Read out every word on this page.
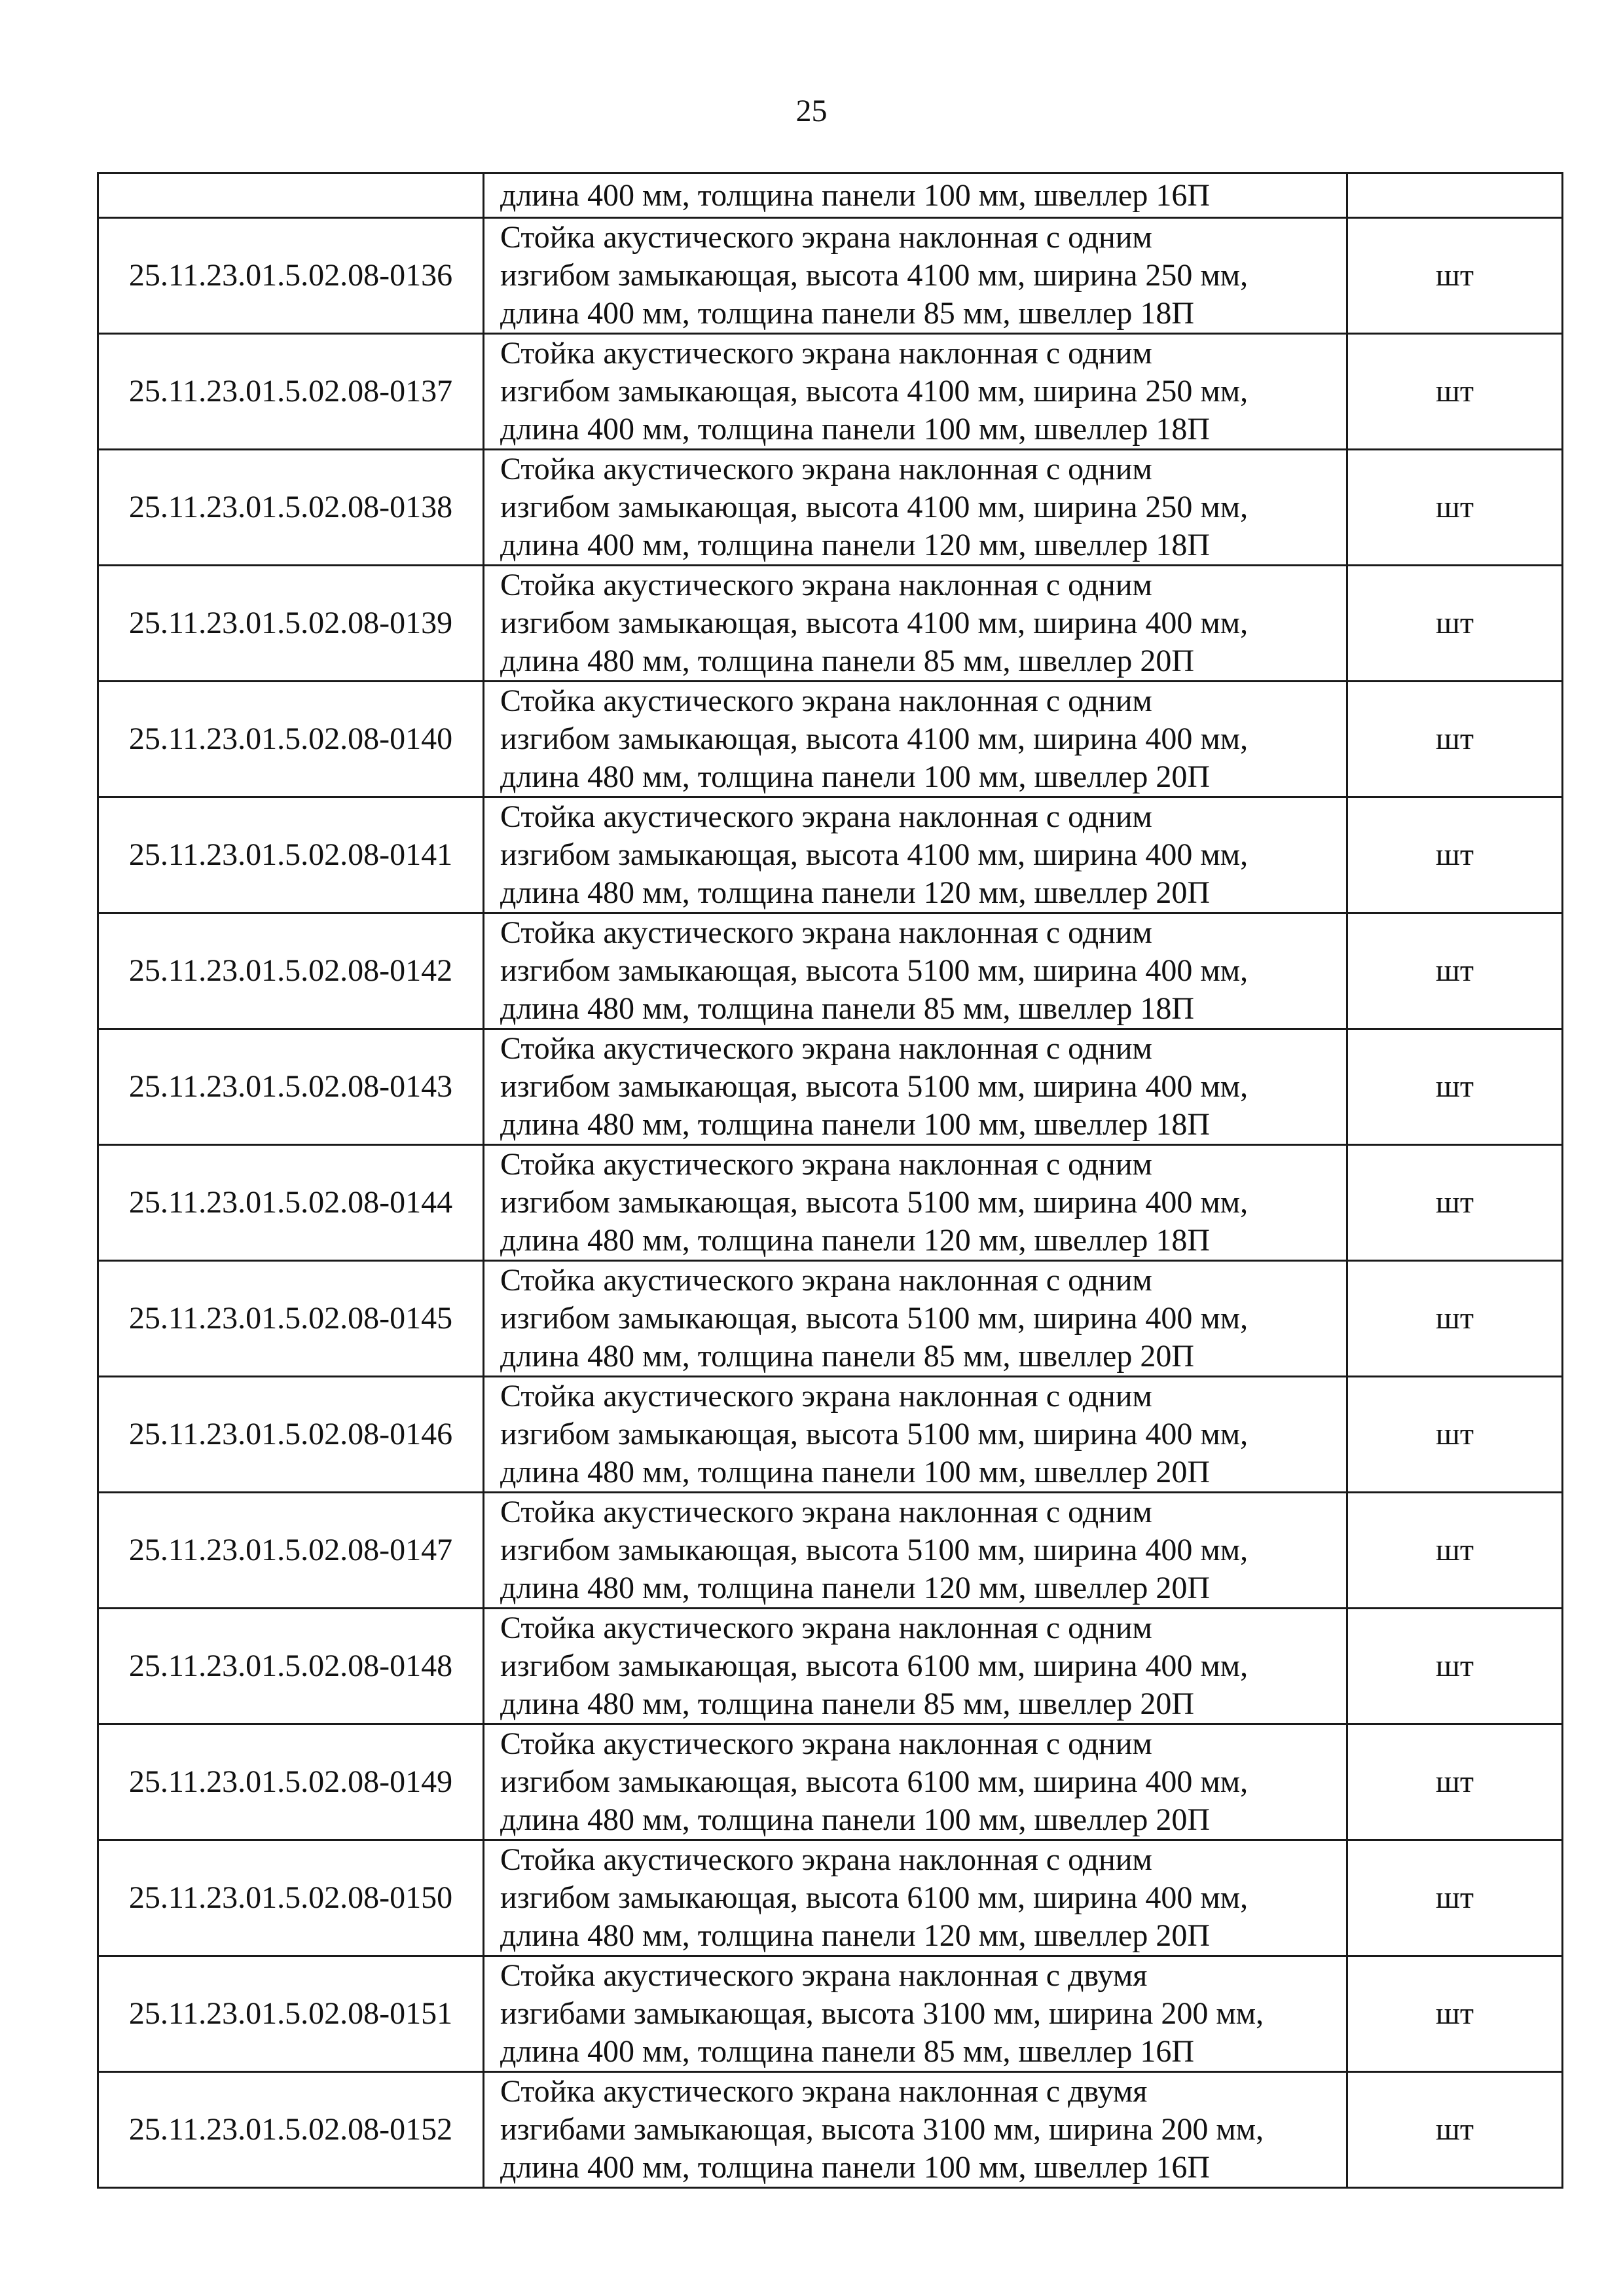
25
	длина 400 мм, толщина панели 100 мм, швеллер 16П	
25.11.23.01.5.02.08-0136	Стойка акустического экрана наклонная с одним
изгибом замыкающая, высота 4100 мм, ширина 250 мм,
длина 400 мм, толщина панели 85 мм, швеллер 18П	шт
25.11.23.01.5.02.08-0137	Стойка акустического экрана наклонная с одним
изгибом замыкающая, высота 4100 мм, ширина 250 мм,
длина 400 мм, толщина панели 100 мм, швеллер 18П	шт
25.11.23.01.5.02.08-0138	Стойка акустического экрана наклонная с одним
изгибом замыкающая, высота 4100 мм, ширина 250 мм,
длина 400 мм, толщина панели 120 мм, швеллер 18П	шт
25.11.23.01.5.02.08-0139	Стойка акустического экрана наклонная с одним
изгибом замыкающая, высота 4100 мм, ширина 400 мм,
длина 480 мм, толщина панели 85 мм, швеллер 20П	шт
25.11.23.01.5.02.08-0140	Стойка акустического экрана наклонная с одним
изгибом замыкающая, высота 4100 мм, ширина 400 мм,
длина 480 мм, толщина панели 100 мм, швеллер 20П	шт
25.11.23.01.5.02.08-0141	Стойка акустического экрана наклонная с одним
изгибом замыкающая, высота 4100 мм, ширина 400 мм,
длина 480 мм, толщина панели 120 мм, швеллер 20П	шт
25.11.23.01.5.02.08-0142	Стойка акустического экрана наклонная с одним
изгибом замыкающая, высота 5100 мм, ширина 400 мм,
длина 480 мм, толщина панели 85 мм, швеллер 18П	шт
25.11.23.01.5.02.08-0143	Стойка акустического экрана наклонная с одним
изгибом замыкающая, высота 5100 мм, ширина 400 мм,
длина 480 мм, толщина панели 100 мм, швеллер 18П	шт
25.11.23.01.5.02.08-0144	Стойка акустического экрана наклонная с одним
изгибом замыкающая, высота 5100 мм, ширина 400 мм,
длина 480 мм, толщина панели 120 мм, швеллер 18П	шт
25.11.23.01.5.02.08-0145	Стойка акустического экрана наклонная с одним
изгибом замыкающая, высота 5100 мм, ширина 400 мм,
длина 480 мм, толщина панели 85 мм, швеллер 20П	шт
25.11.23.01.5.02.08-0146	Стойка акустического экрана наклонная с одним
изгибом замыкающая, высота 5100 мм, ширина 400 мм,
длина 480 мм, толщина панели 100 мм, швеллер 20П	шт
25.11.23.01.5.02.08-0147	Стойка акустического экрана наклонная с одним
изгибом замыкающая, высота 5100 мм, ширина 400 мм,
длина 480 мм, толщина панели 120 мм, швеллер 20П	шт
25.11.23.01.5.02.08-0148	Стойка акустического экрана наклонная с одним
изгибом замыкающая, высота 6100 мм, ширина 400 мм,
длина 480 мм, толщина панели 85 мм, швеллер 20П	шт
25.11.23.01.5.02.08-0149	Стойка акустического экрана наклонная с одним
изгибом замыкающая, высота 6100 мм, ширина 400 мм,
длина 480 мм, толщина панели 100 мм, швеллер 20П	шт
25.11.23.01.5.02.08-0150	Стойка акустического экрана наклонная с одним
изгибом замыкающая, высота 6100 мм, ширина 400 мм,
длина 480 мм, толщина панели 120 мм, швеллер 20П	шт
25.11.23.01.5.02.08-0151	Стойка акустического экрана наклонная с двумя
изгибами замыкающая, высота 3100 мм, ширина 200 мм,
длина 400 мм, толщина панели 85 мм, швеллер 16П	шт
25.11.23.01.5.02.08-0152	Стойка акустического экрана наклонная с двумя
изгибами замыкающая, высота 3100 мм, ширина 200 мм,
длина 400 мм, толщина панели 100 мм, швеллер 16П	шт
